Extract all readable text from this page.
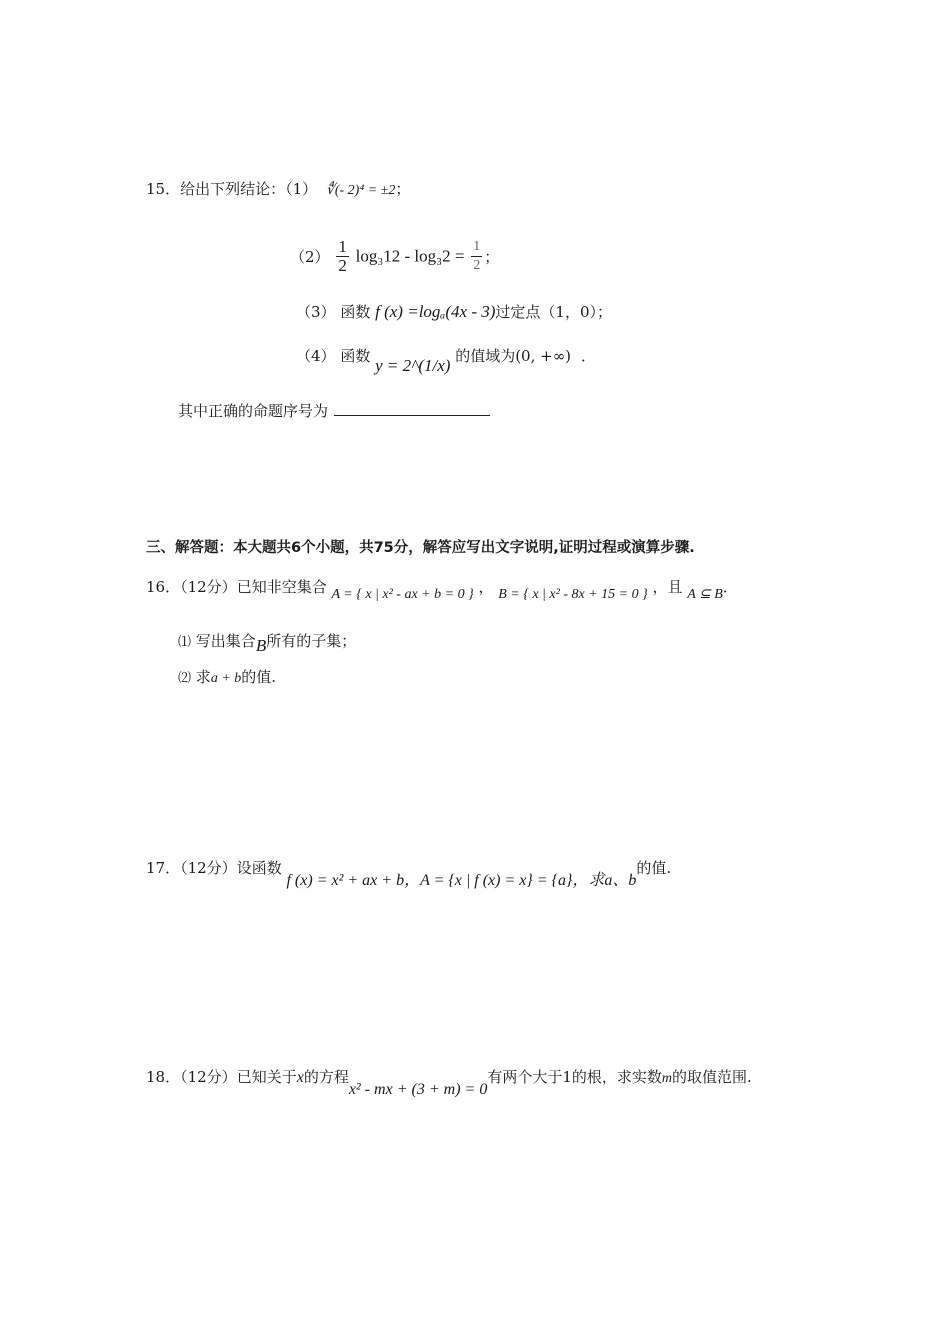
15．给出下列结论：（1） ∜(- 2)⁴ = ±2；
$(2) \frac{1}{2} \log_312 - \log_32 = \frac{1}{2}$ ；
（3） 函数 f (x) =logₐ(4x - 3)过定点（1，0）；
（4） 函数 y = 2^(1/x) 的值域为(0, +∞) ．
其中正确的命题序号为
三、解答题：本大题共6个小题，共75分，解答应写出文字说明,证明过程或演算步骤.
16．（12分）已知非空集合 A = { x | x² - ax + b = 0 } ， B = { x | x² - 8x + 15 = 0 } ，且 A ⊆ B．
⑴ 写出集合B所有的子集；
⑵ 求a + b的值.
17．（12分）设函数 f (x) = x² + ax + b，A = {x | f (x) = x} = {a}，求a、b的值.
18．（12分）已知关于x的方程x² - mx + (3 + m) = 0有两个大于1的根，求实数m的取值范围.
